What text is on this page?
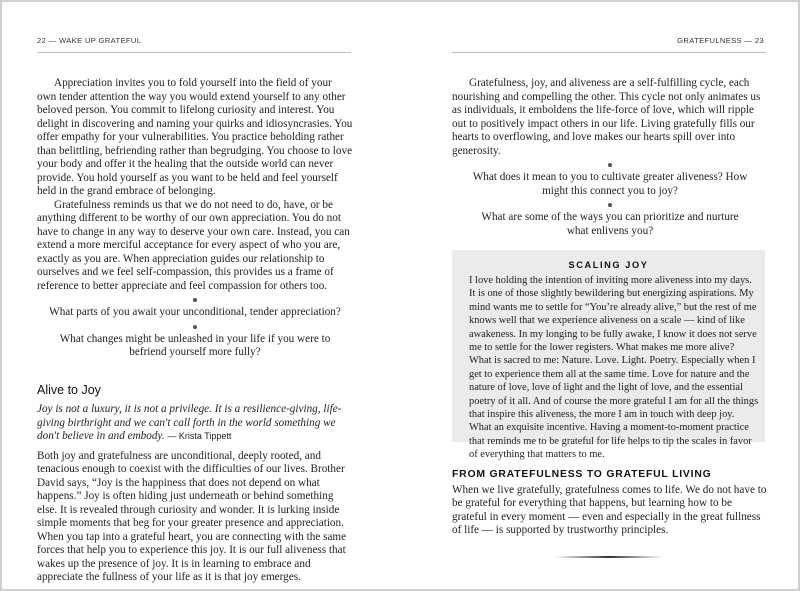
22 — WAKE UP GRATEFUL

Appreciation invites you to fold yourself into the field of your own tender attention the way you would extend yourself to any other beloved person. You commit to lifelong curiosity and interest. You delight in discovering and naming your quirks and idiosyncrasies. You offer empathy for your vulnerabilities. You practice beholding rather than belittling, befriending rather than begrudging. You choose to love your body and offer it the healing that the outside world can never provide. You hold yourself as you want to be held and feel yourself held in the grand embrace of belonging.

Gratefulness reminds us that we do not need to do, have, or be anything different to be worthy of our own appreciation. You do not have to change in any way to deserve your own care. Instead, you can extend a more merciful acceptance for every aspect of who you are, exactly as you are. When appreciation guides our relationship to ourselves and we feel self-compassion, this provides us a frame of reference to better appreciate and feel compassion for others too.

What parts of you await your unconditional, tender appreciation?

What changes might be unleashed in your life if you were to befriend yourself more fully?

Alive to Joy

Joy is not a luxury, it is not a privilege. It is a resilience-giving, life-giving birthright and we can't call forth in the world something we don't believe in and embody. — Krista Tippett

Both joy and gratefulness are unconditional, deeply rooted, and tenacious enough to coexist with the difficulties of our lives. Brother David says, “Joy is the happiness that does not depend on what happens.” Joy is often hiding just underneath or behind something else. It is revealed through curiosity and wonder. It is lurking inside simple moments that beg for your greater presence and appreciation. When you tap into a grateful heart, you are connecting with the same forces that help you to experience this joy. It is our full aliveness that wakes up the presence of joy. It is in learning to embrace and appreciate the fullness of your life as it is that joy emerges.

GRATEFULNESS — 23

Gratefulness, joy, and aliveness are a self-fulfilling cycle, each nourishing and compelling the other. This cycle not only animates us as individuals, it emboldens the life-force of love, which will ripple out to positively impact others in our life. Living gratefully fills our hearts to overflowing, and love makes our hearts spill over into generosity.

What does it mean to you to cultivate greater aliveness? How might this connect you to joy?

What are some of the ways you can prioritize and nurture what enlivens you?

SCALING JOY

I love holding the intention of inviting more aliveness into my days. It is one of those slightly bewildering but energizing aspirations. My mind wants me to settle for “You’re already alive,” but the rest of me knows well that we experience aliveness on a scale — kind of like awakeness. In my longing to be fully awake, I know it does not serve me to settle for the lower registers. What makes me more alive? What is sacred to me: Nature. Love. Light. Poetry. Especially when I get to experience them all at the same time. Love for nature and the nature of love, love of light and the light of love, and the essential poetry of it all. And of course the more grateful I am for all the things that inspire this aliveness, the more I am in touch with deep joy. What an exquisite incentive. Having a moment-to-moment practice that reminds me to be grateful for life helps to tip the scales in favor of everything that matters to me.

FROM GRATEFULNESS TO GRATEFUL LIVING

When we live gratefully, gratefulness comes to life. We do not have to be grateful for everything that happens, but learning how to be grateful in every moment — even and especially in the great fullness of life — is supported by trustworthy principles.
